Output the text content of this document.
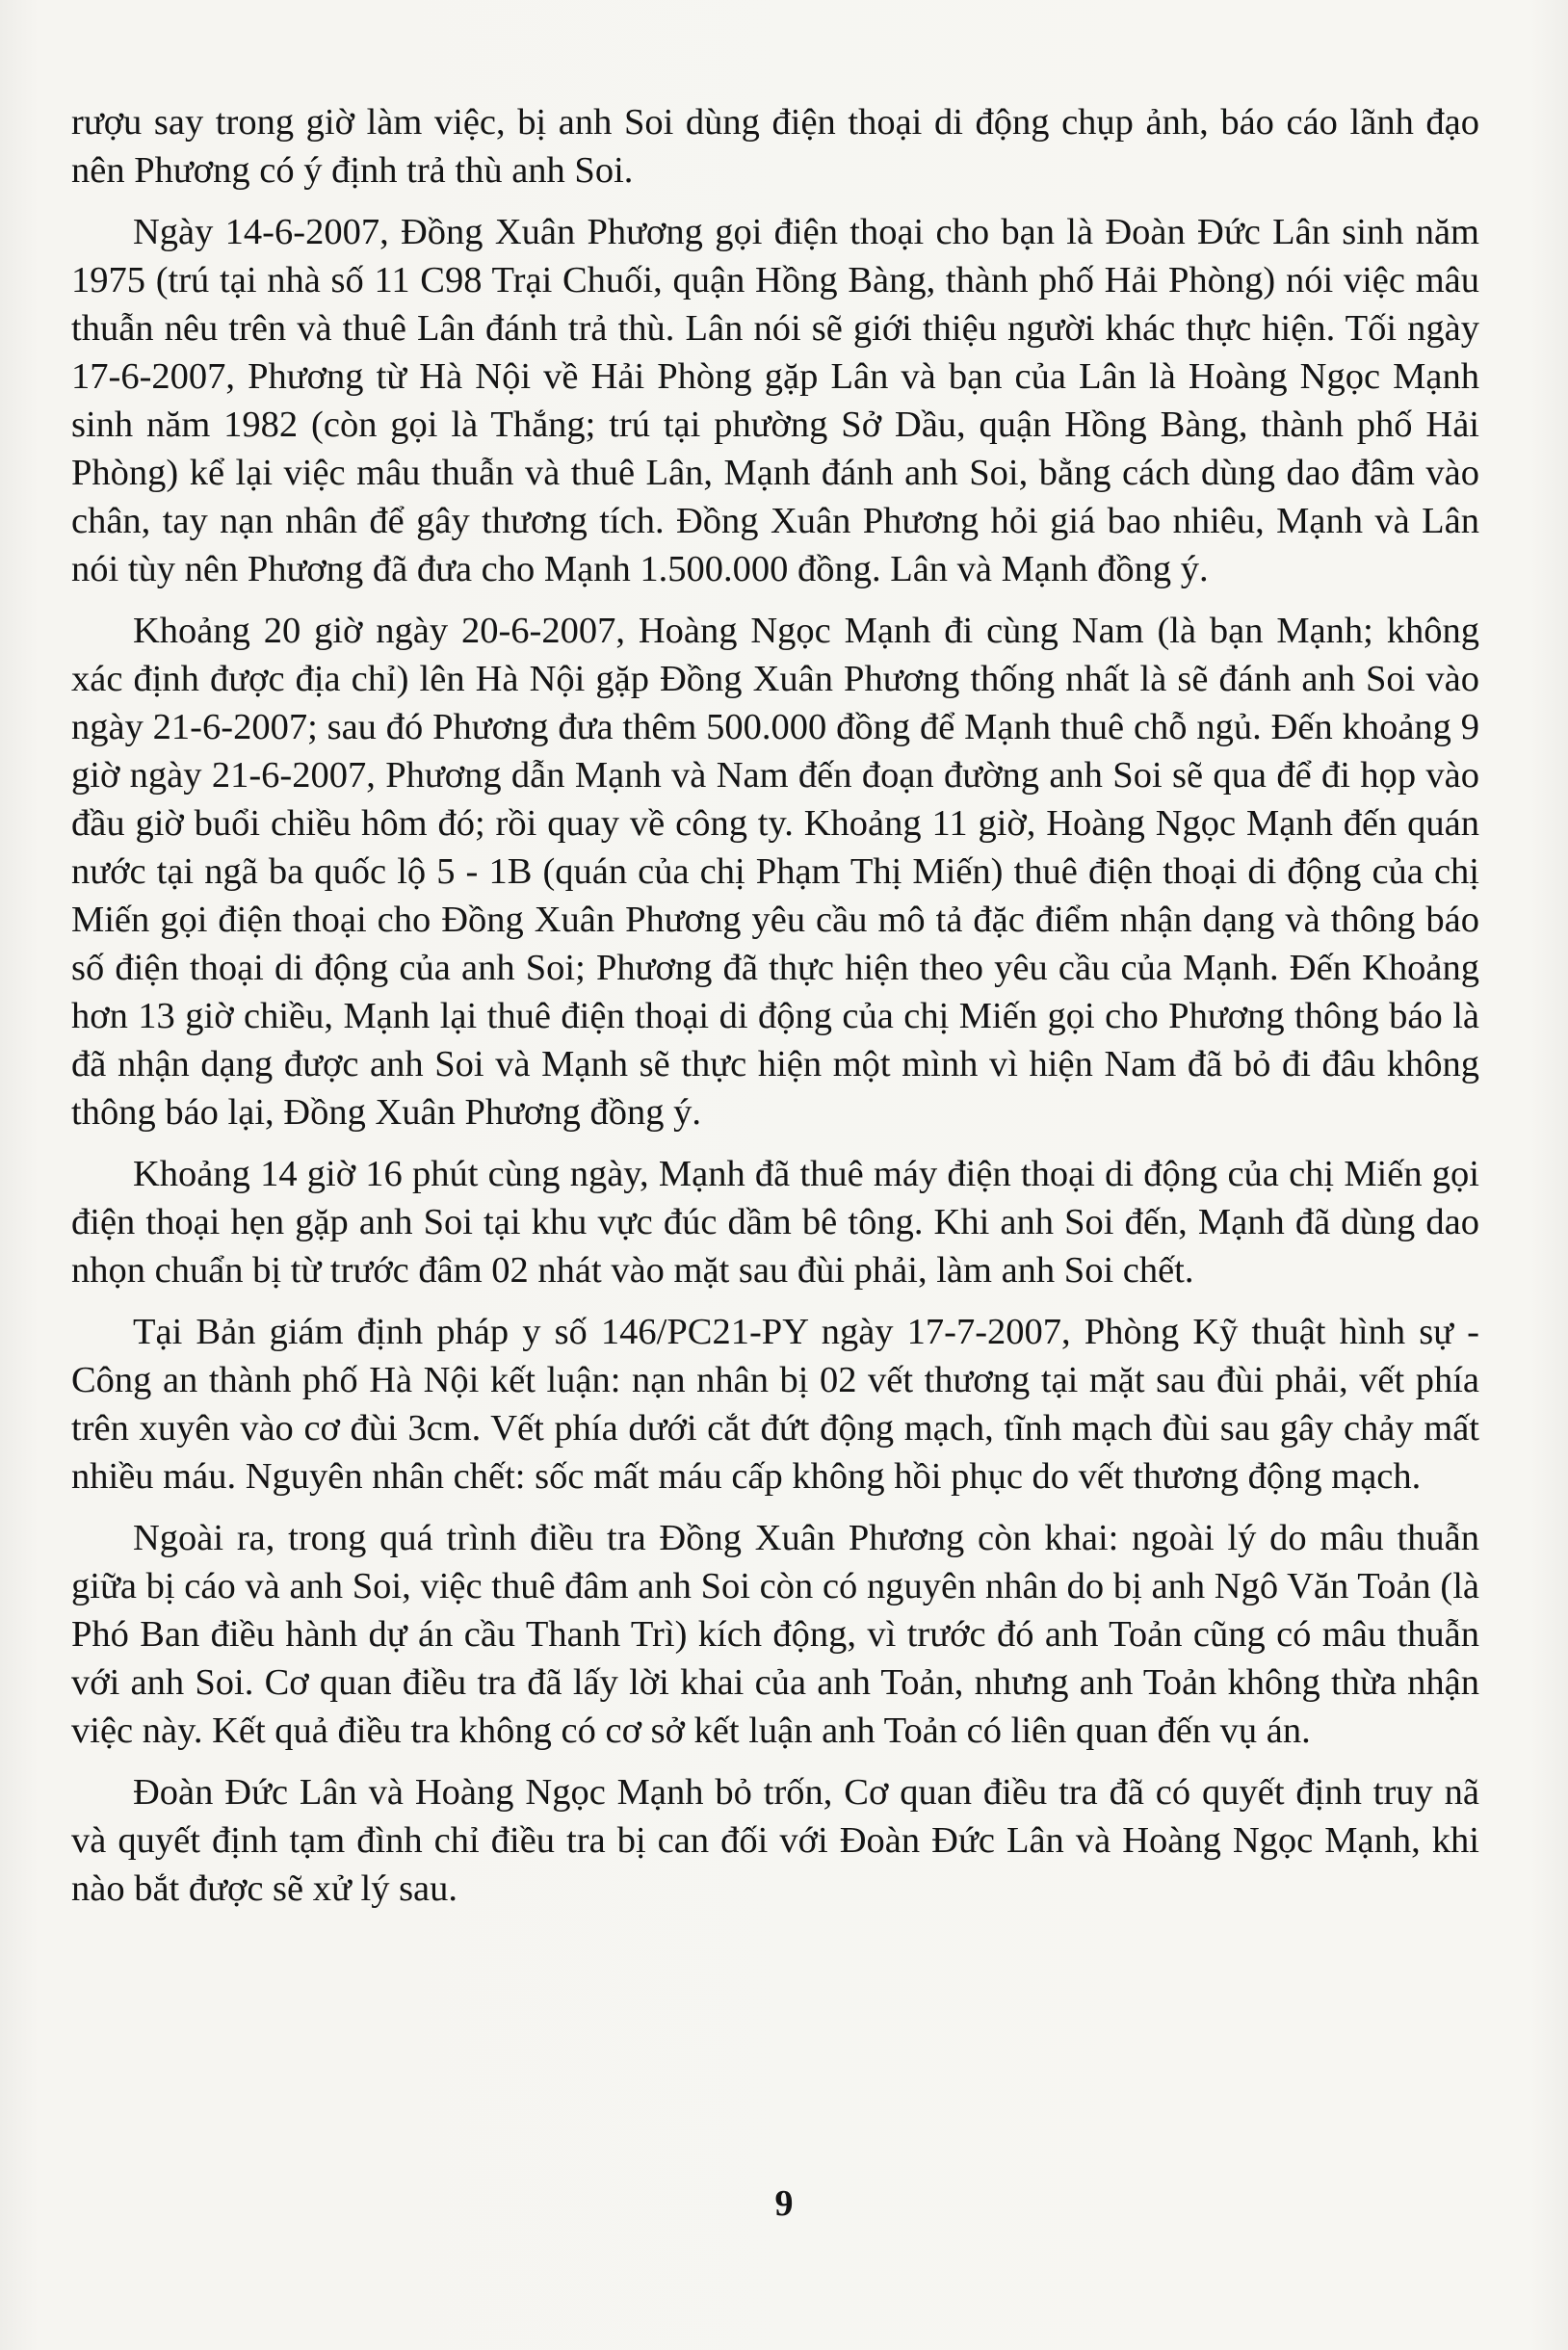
rượu say trong giờ làm việc, bị anh Soi dùng điện thoại di động chụp ảnh, báo cáo lãnh đạo nên Phương có ý định trả thù anh Soi.

Ngày 14-6-2007, Đồng Xuân Phương gọi điện thoại cho bạn là Đoàn Đức Lân sinh năm 1975 (trú tại nhà số 11 C98 Trại Chuối, quận Hồng Bàng, thành phố Hải Phòng) nói việc mâu thuẫn nêu trên và thuê Lân đánh trả thù. Lân nói sẽ giới thiệu người khác thực hiện. Tối ngày 17-6-2007, Phương từ Hà Nội về Hải Phòng gặp Lân và bạn của Lân là Hoàng Ngọc Mạnh sinh năm 1982 (còn gọi là Thắng; trú tại phường Sở Dầu, quận Hồng Bàng, thành phố Hải Phòng) kể lại việc mâu thuẫn và thuê Lân, Mạnh đánh anh Soi, bằng cách dùng dao đâm vào chân, tay nạn nhân để gây thương tích. Đồng Xuân Phương hỏi giá bao nhiêu, Mạnh và Lân nói tùy nên Phương đã đưa cho Mạnh 1.500.000 đồng. Lân và Mạnh đồng ý.

Khoảng 20 giờ ngày 20-6-2007, Hoàng Ngọc Mạnh đi cùng Nam (là bạn Mạnh; không xác định được địa chỉ) lên Hà Nội gặp Đồng Xuân Phương thống nhất là sẽ đánh anh Soi vào ngày 21-6-2007; sau đó Phương đưa thêm 500.000 đồng để Mạnh thuê chỗ ngủ. Đến khoảng 9 giờ ngày 21-6-2007, Phương dẫn Mạnh và Nam đến đoạn đường anh Soi sẽ qua để đi họp vào đầu giờ buổi chiều hôm đó; rồi quay về công ty. Khoảng 11 giờ, Hoàng Ngọc Mạnh đến quán nước tại ngã ba quốc lộ 5 - 1B (quán của chị Phạm Thị Miến) thuê điện thoại di động của chị Miến gọi điện thoại cho Đồng Xuân Phương yêu cầu mô tả đặc điểm nhận dạng và thông báo số điện thoại di động của anh Soi; Phương đã thực hiện theo yêu cầu của Mạnh. Đến Khoảng hơn 13 giờ chiều, Mạnh lại thuê điện thoại di động của chị Miến gọi cho Phương thông báo là đã nhận dạng được anh Soi và Mạnh sẽ thực hiện một mình vì hiện Nam đã bỏ đi đâu không thông báo lại, Đồng Xuân Phương đồng ý.

Khoảng 14 giờ 16 phút cùng ngày, Mạnh đã thuê máy điện thoại di động của chị Miến gọi điện thoại hẹn gặp anh Soi tại khu vực đúc dầm bê tông. Khi anh Soi đến, Mạnh đã dùng dao nhọn chuẩn bị từ trước đâm 02 nhát vào mặt sau đùi phải, làm anh Soi chết.

Tại Bản giám định pháp y số 146/PC21-PY ngày 17-7-2007, Phòng Kỹ thuật hình sự - Công an thành phố Hà Nội kết luận: nạn nhân bị 02 vết thương tại mặt sau đùi phải, vết phía trên xuyên vào cơ đùi 3cm. Vết phía dưới cắt đứt động mạch, tĩnh mạch đùi sau gây chảy mất nhiều máu. Nguyên nhân chết: sốc mất máu cấp không hồi phục do vết thương động mạch.

Ngoài ra, trong quá trình điều tra Đồng Xuân Phương còn khai: ngoài lý do mâu thuẫn giữa bị cáo và anh Soi, việc thuê đâm anh Soi còn có nguyên nhân do bị anh Ngô Văn Toản (là Phó Ban điều hành dự án cầu Thanh Trì) kích động, vì trước đó anh Toản cũng có mâu thuẫn với anh Soi. Cơ quan điều tra đã lấy lời khai của anh Toản, nhưng anh Toản không thừa nhận việc này. Kết quả điều tra không có cơ sở kết luận anh Toản có liên quan đến vụ án.

Đoàn Đức Lân và Hoàng Ngọc Mạnh bỏ trốn, Cơ quan điều tra đã có quyết định truy nã và quyết định tạm đình chỉ điều tra bị can đối với Đoàn Đức Lân và Hoàng Ngọc Mạnh, khi nào bắt được sẽ xử lý sau.

9
